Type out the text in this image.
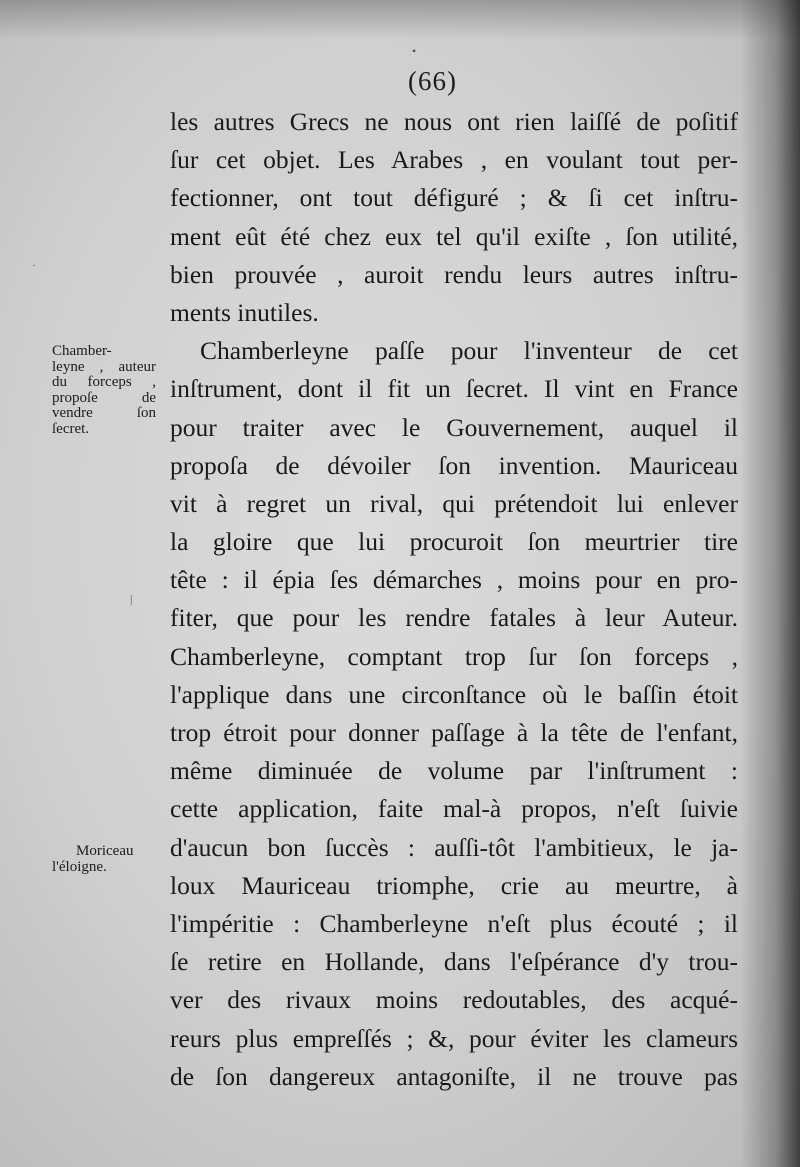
•
·
|
(66)
les autres Grecs ne nous ont rien laiſſé de poſitif
ſur cet objet. Les Arabes , en voulant tout per-
fectionner, ont tout défiguré ; & ſi cet inſtru-
ment eût été chez eux tel qu'il exiſte , ſon utilité,
bien prouvée , auroit rendu leurs autres inſtru-
ments inutiles.
Chamberleyne paſſe pour l'inventeur de cet
inſtrument, dont il fit un ſecret. Il vint en France
pour traiter avec le Gouvernement, auquel il
propoſa de dévoiler ſon invention. Mauriceau
vit à regret un rival, qui prétendoit lui enlever
la gloire que lui procuroit ſon meurtrier tire
tête : il épia ſes démarches , moins pour en pro-
fiter, que pour les rendre fatales à leur Auteur.
Chamberleyne, comptant trop ſur ſon forceps ,
l'applique dans une circonſtance où le baſſin étoit
trop étroit pour donner paſſage à la tête de l'enfant,
même diminuée de volume par l'inſtrument :
cette application, faite mal-à propos, n'eſt ſuivie
d'aucun bon ſuccès : auſſi-tôt l'ambitieux, le ja-
loux Mauriceau triomphe, crie au meurtre, à
l'impéritie : Chamberleyne n'eſt plus écouté ; il
ſe retire en Hollande, dans l'eſpérance d'y trou-
ver des rivaux moins redoutables, des acqué-
reurs plus empreſſés ; &, pour éviter les clameurs
de ſon dangereux antagoniſte, il ne trouve pas
Chamber-
leyne , auteur
du forceps ,
propoſe de
vendre ſon
ſecret.
Moriceau
l'éloigne.
